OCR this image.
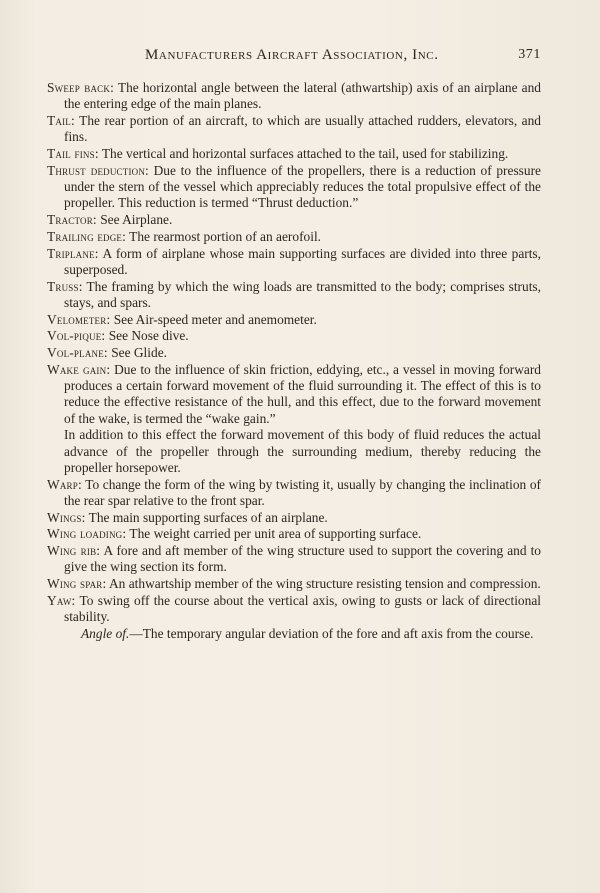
Manufacturers Aircraft Association, Inc.	371

Sweep back: The horizontal angle between the lateral (athwartship) axis of an airplane and the entering edge of the main planes.

Tail: The rear portion of an aircraft, to which are usually attached rudders, elevators, and fins.

Tail fins: The vertical and horizontal surfaces attached to the tail, used for stabilizing.

Thrust deduction: Due to the influence of the propellers, there is a reduction of pressure under the stern of the vessel which appreciably reduces the total propulsive effect of the propeller. This reduction is termed “Thrust deduction.”

Tractor: See Airplane.

Trailing edge: The rearmost portion of an aerofoil.

Triplane: A form of airplane whose main supporting surfaces are divided into three parts, superposed.

Truss: The framing by which the wing loads are transmitted to the body; comprises struts, stays, and spars.

Velometer: See Air-speed meter and anemometer.

Vol-pique: See Nose dive.

Vol-plane: See Glide.

Wake gain: Due to the influence of skin friction, eddying, etc., a vessel in moving forward produces a certain forward movement of the fluid surrounding it. The effect of this is to reduce the effective resistance of the hull, and this effect, due to the forward movement of the wake, is termed the “wake gain.”

In addition to this effect the forward movement of this body of fluid reduces the actual advance of the propeller through the surrounding medium, thereby reducing the propeller horsepower.

Warp: To change the form of the wing by twisting it, usually by changing the inclination of the rear spar relative to the front spar.

Wings: The main supporting surfaces of an airplane.

Wing loading: The weight carried per unit area of supporting surface.

Wing rib: A fore and aft member of the wing structure used to support the covering and to give the wing section its form.

Wing spar: An athwartship member of the wing structure resisting tension and compression.

Yaw: To swing off the course about the vertical axis, owing to gusts or lack of directional stability.

Angle of.—The temporary angular deviation of the fore and aft axis from the course.
